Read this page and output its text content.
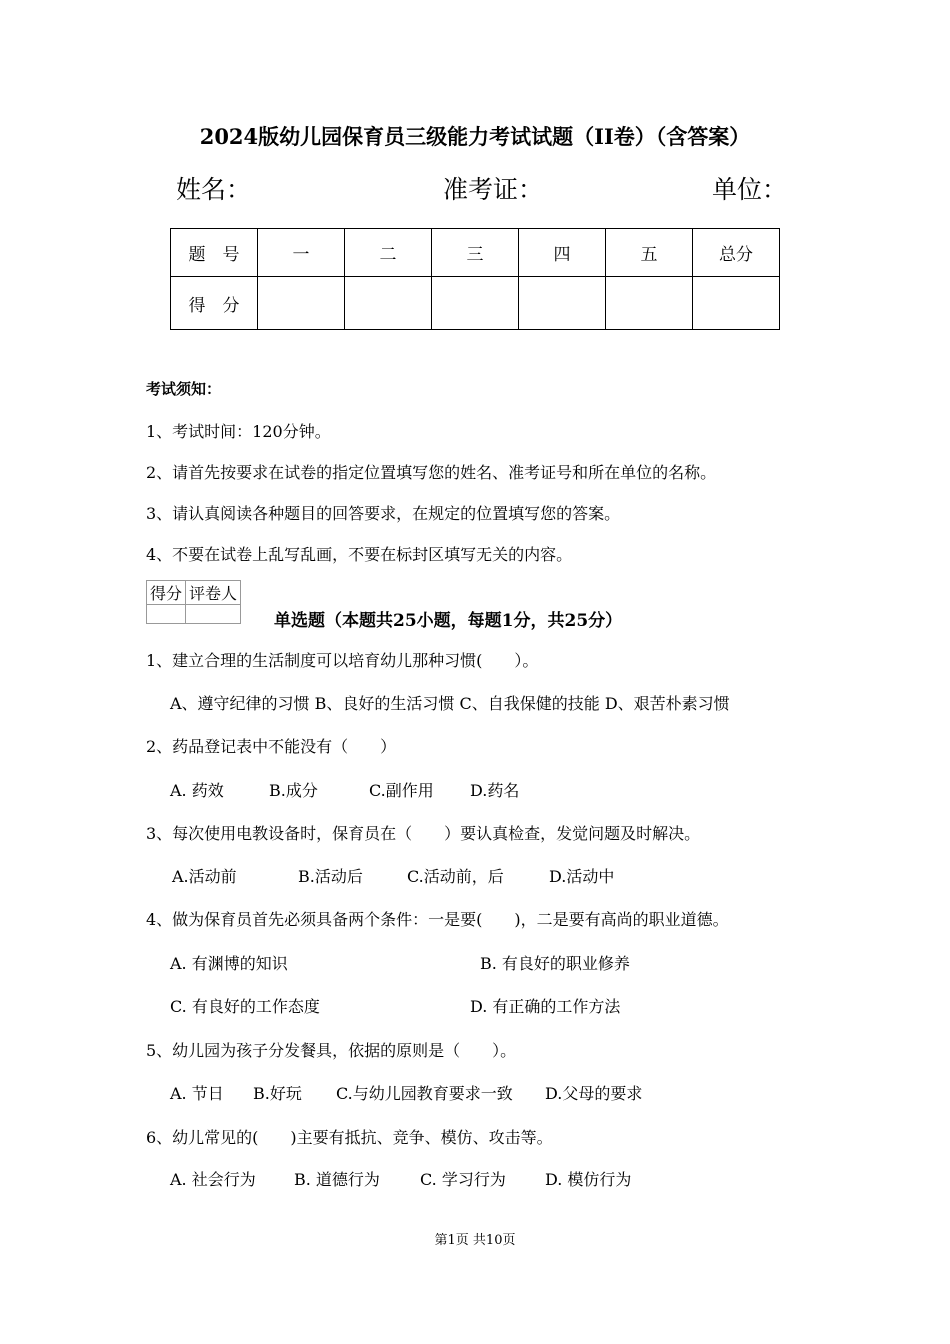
2024版幼儿园保育员三级能力考试试题（II卷）（含答案）
姓名：	准考证：	单位：
题　号	一	二	三	四	五	总分
得　分						
考试须知：
1、考试时间：120分钟。
2、请首先按要求在试卷的指定位置填写您的姓名、准考证号和所在单位的名称。
3、请认真阅读各种题目的回答要求，在规定的位置填写您的答案。
4、不要在试卷上乱写乱画，不要在标封区填写无关的内容。
得分	评卷人

单选题（本题共25小题，每题1分，共25分）
1、建立合理的生活制度可以培育幼儿那种习惯(　　）。
A、遵守纪律的习惯 B、良好的生活习惯 C、自我保健的技能 D、艰苦朴素习惯
2、药品登记表中不能没有（　　）
A. 药效	B.成分	C.副作用 D.药名
3、每次使用电教设备时，保育员在（　　）要认真检查，发觉问题及时解决。
A.活动前	B.活动后	C.活动前，后	D.活动中
4、做为保育员首先必须具备两个条件：一是要(　　)，二是要有高尚的职业道德。
A. 有渊博的知识	B. 有良好的职业修养
C. 有良好的工作态度	D. 有正确的工作方法
5、幼儿园为孩子分发餐具，依据的原则是（　　）。
A. 节日 B.好玩 C.与幼儿园教育要求一致 D.父母的要求
6、幼儿常见的(　　)主要有抵抗、竞争、模仿、攻击等。
A. 社会行为 B. 道德行为	C. 学习行为 D. 模仿行为
第1页 共10页
